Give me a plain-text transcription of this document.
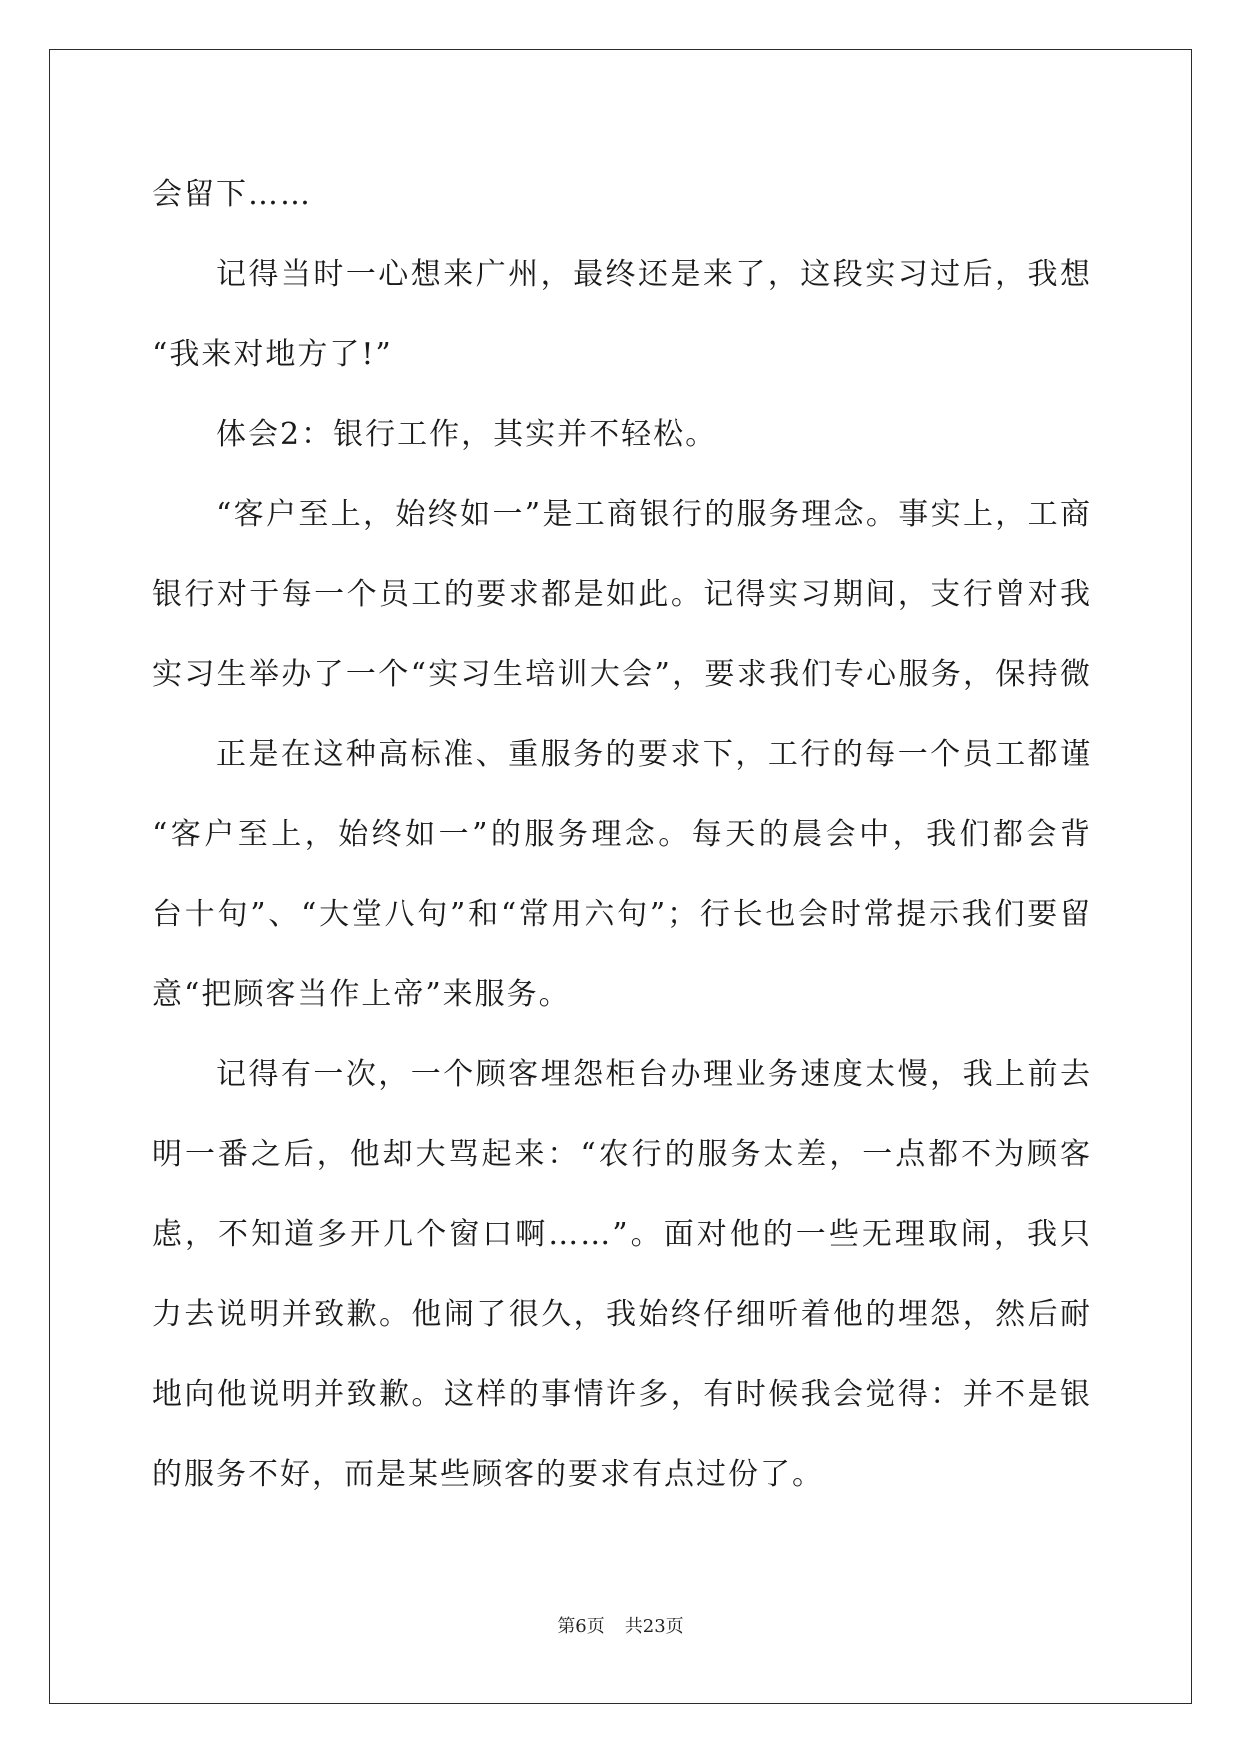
会留下……
记得当时一心想来广州，最终还是来了，这段实习过后，我想
“我来对地方了!”
体会2：银行工作，其实并不轻松。
“客户至上，始终如一”是工商银行的服务理念。事实上，工商
银行对于每一个员工的要求都是如此。记得实习期间，支行曾对我
实习生举办了一个“实习生培训大会”，要求我们专心服务，保持微
正是在这种高标准、重服务的要求下，工行的每一个员工都谨
“客户至上，始终如一”的服务理念。每天的晨会中，我们都会背
台十句”、“大堂八句”和“常用六句”；行长也会时常提示我们要留
意“把顾客当作上帝”来服务。
记得有一次，一个顾客埋怨柜台办理业务速度太慢，我上前去
明一番之后，他却大骂起来：“农行的服务太差，一点都不为顾客
虑，不知道多开几个窗口啊……”。面对他的一些无理取闹，我只
力去说明并致歉。他闹了很久，我始终仔细听着他的埋怨，然后耐
地向他说明并致歉。这样的事情许多，有时候我会觉得：并不是银
的服务不好，而是某些顾客的要求有点过份了。
第6页 共23页
